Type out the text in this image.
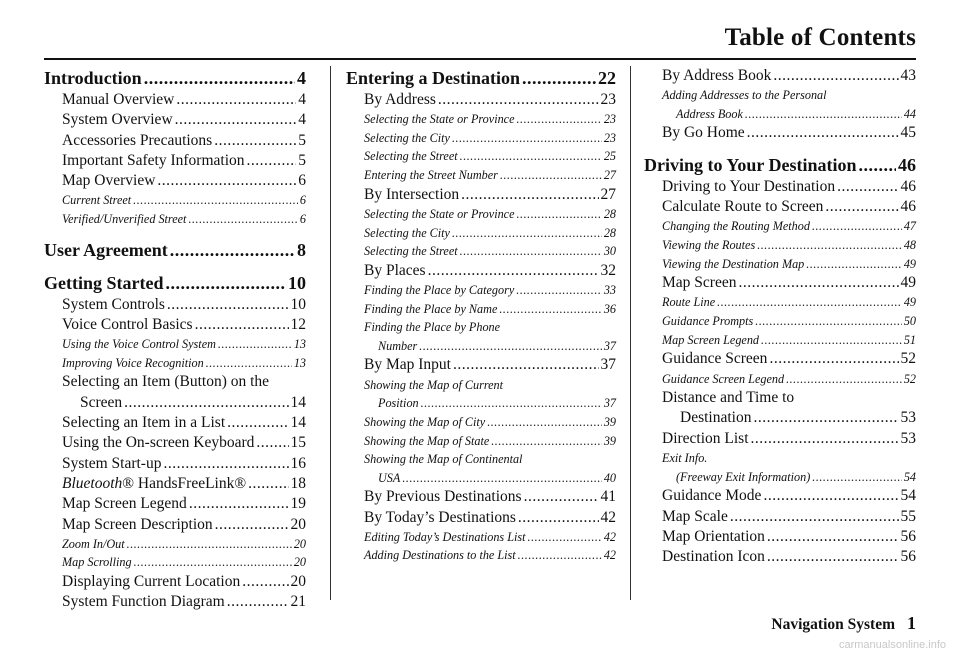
Table of Contents
Introduction .....	4
Manual Overview .....	4
System Overview .....	4
Accessories Precautions .....	5
Important Safety Information .....	5
Map Overview .....	6
Current Street .....	6
Verified/Unverified Street .....	6
User Agreement .....	8
Getting Started .....	10
System Controls .....	10
Voice Control Basics .....	12
Using the Voice Control System .....	13
Improving Voice Recognition .....	13
Selecting an Item (Button) on the
Screen .....	14
Selecting an Item in a List .....	14
Using the On-screen Keyboard ..... 15
System Start-up .....	16
Bluetooth® HandsFreeLink® .....	18
Map Screen Legend .....	19
Map Screen Description .....	20
Zoom In/Out .....	20
Map Scrolling .....	20
Displaying Current Location .....	20
System Function Diagram .....	21
Entering a Destination .....	22
By Address .....	23
Selecting the State or Province .....	23
Selecting the City .....	23
Selecting the Street .....	25
Entering the Street Number .....	27
By Intersection .....	27
Selecting the State or Province .....	28
Selecting the City .....	28
Selecting the Street .....	30
By Places .....	32
Finding the Place by Category .....	33
Finding the Place by Name .....	36
Finding the Place by Phone
Number .....	37
By Map Input .....	37
Showing the Map of Current
Position .....	37
Showing the Map of City .....	39
Showing the Map of State .....	39
Showing the Map of Continental
USA .....	40
By Previous Destinations .....	41
By Today’s Destinations .....	42
Editing Today’s Destinations List .....	42
Adding Destinations to the List .....	42
By Address Book .....	43
Adding Addresses to the Personal
Address Book .....	44
By Go Home .....	45
Driving to Your Destination ..... 46
Driving to Your Destination .....	46
Calculate Route to Screen .....	46
Changing the Routing Method .....	47
Viewing the Routes .....	48
Viewing the Destination Map .....	49
Map Screen .....	49
Route Line .....	49
Guidance Prompts .....	50
Map Screen Legend .....	51
Guidance Screen .....	52
Guidance Screen Legend .....	52
Distance and Time to
Destination .....	53
Direction List .....	53
Exit Info.
(Freeway Exit Information) .....	54
Guidance Mode .....	54
Map Scale .....	55
Map Orientation .....	56
Destination Icon .....	56
Navigation System 1
carmanualsonline.info
